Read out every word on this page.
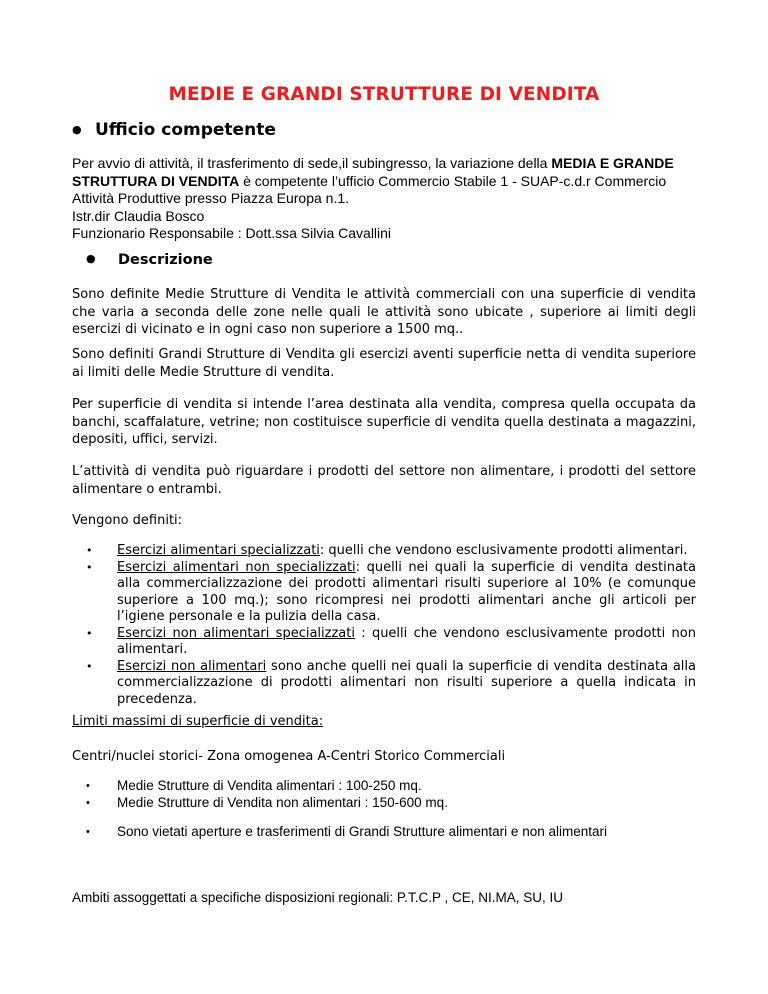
MEDIE E GRANDI STRUTTURE DI VENDITA
● Ufficio competente
Per avvio di attività, il trasferimento di sede,il subingresso, la variazione della MEDIA E GRANDE STRUTTURA DI VENDITA è competente l’ufficio Commercio Stabile 1 - SUAP-c.d.r Commercio Attività Produttive presso Piazza Europa n.1.
Istr.dir Claudia Bosco
Funzionario Responsabile : Dott.ssa Silvia Cavallini
● Descrizione
Sono definite Medie Strutture di Vendita le attività commerciali con una superficie di vendita che varia a seconda delle zone nelle quali le attività sono ubicate , superiore ai limiti degli esercizi di vicinato e in ogni caso non superiore a 1500 mq..
Sono definiti Grandi Strutture di Vendita gli esercizi aventi superficie netta di vendita superiore ai limiti delle Medie Strutture di vendita.
Per superficie di vendita si intende l’area destinata alla vendita, compresa quella occupata da banchi, scaffalature, vetrine; non costituisce superficie di vendita quella destinata a magazzini, depositi, uffici, servizi.
L’attività di vendita può riguardare i prodotti del settore non alimentare, i prodotti del settore alimentare o entrambi.
Vengono definiti:
• Esercizi alimentari specializzati: quelli che vendono esclusivamente prodotti alimentari.
• Esercizi alimentari non specializzati: quelli nei quali la superficie di vendita destinata alla commercializzazione dei prodotti alimentari risulti superiore al 10% (e comunque superiore a 100 mq.); sono ricompresi nei prodotti alimentari anche gli articoli per l’igiene personale e la pulizia della casa.
• Esercizi non alimentari specializzati : quelli che vendono esclusivamente prodotti non alimentari.
• Esercizi non alimentari sono anche quelli nei quali la superficie di vendita destinata alla commercializzazione di prodotti alimentari non risulti superiore a quella indicata in precedenza.
Limiti massimi di superficie di vendita:
Centri/nuclei storici- Zona omogenea A-Centri Storico Commerciali
• Medie Strutture di Vendita alimentari : 100-250 mq.
• Medie Strutture di Vendita non alimentari : 150-600 mq.
• Sono vietati aperture e trasferimenti di Grandi Strutture alimentari e non alimentari
Ambiti assoggettati a specifiche disposizioni regionali: P.T.C.P , CE, NI.MA, SU, IU
